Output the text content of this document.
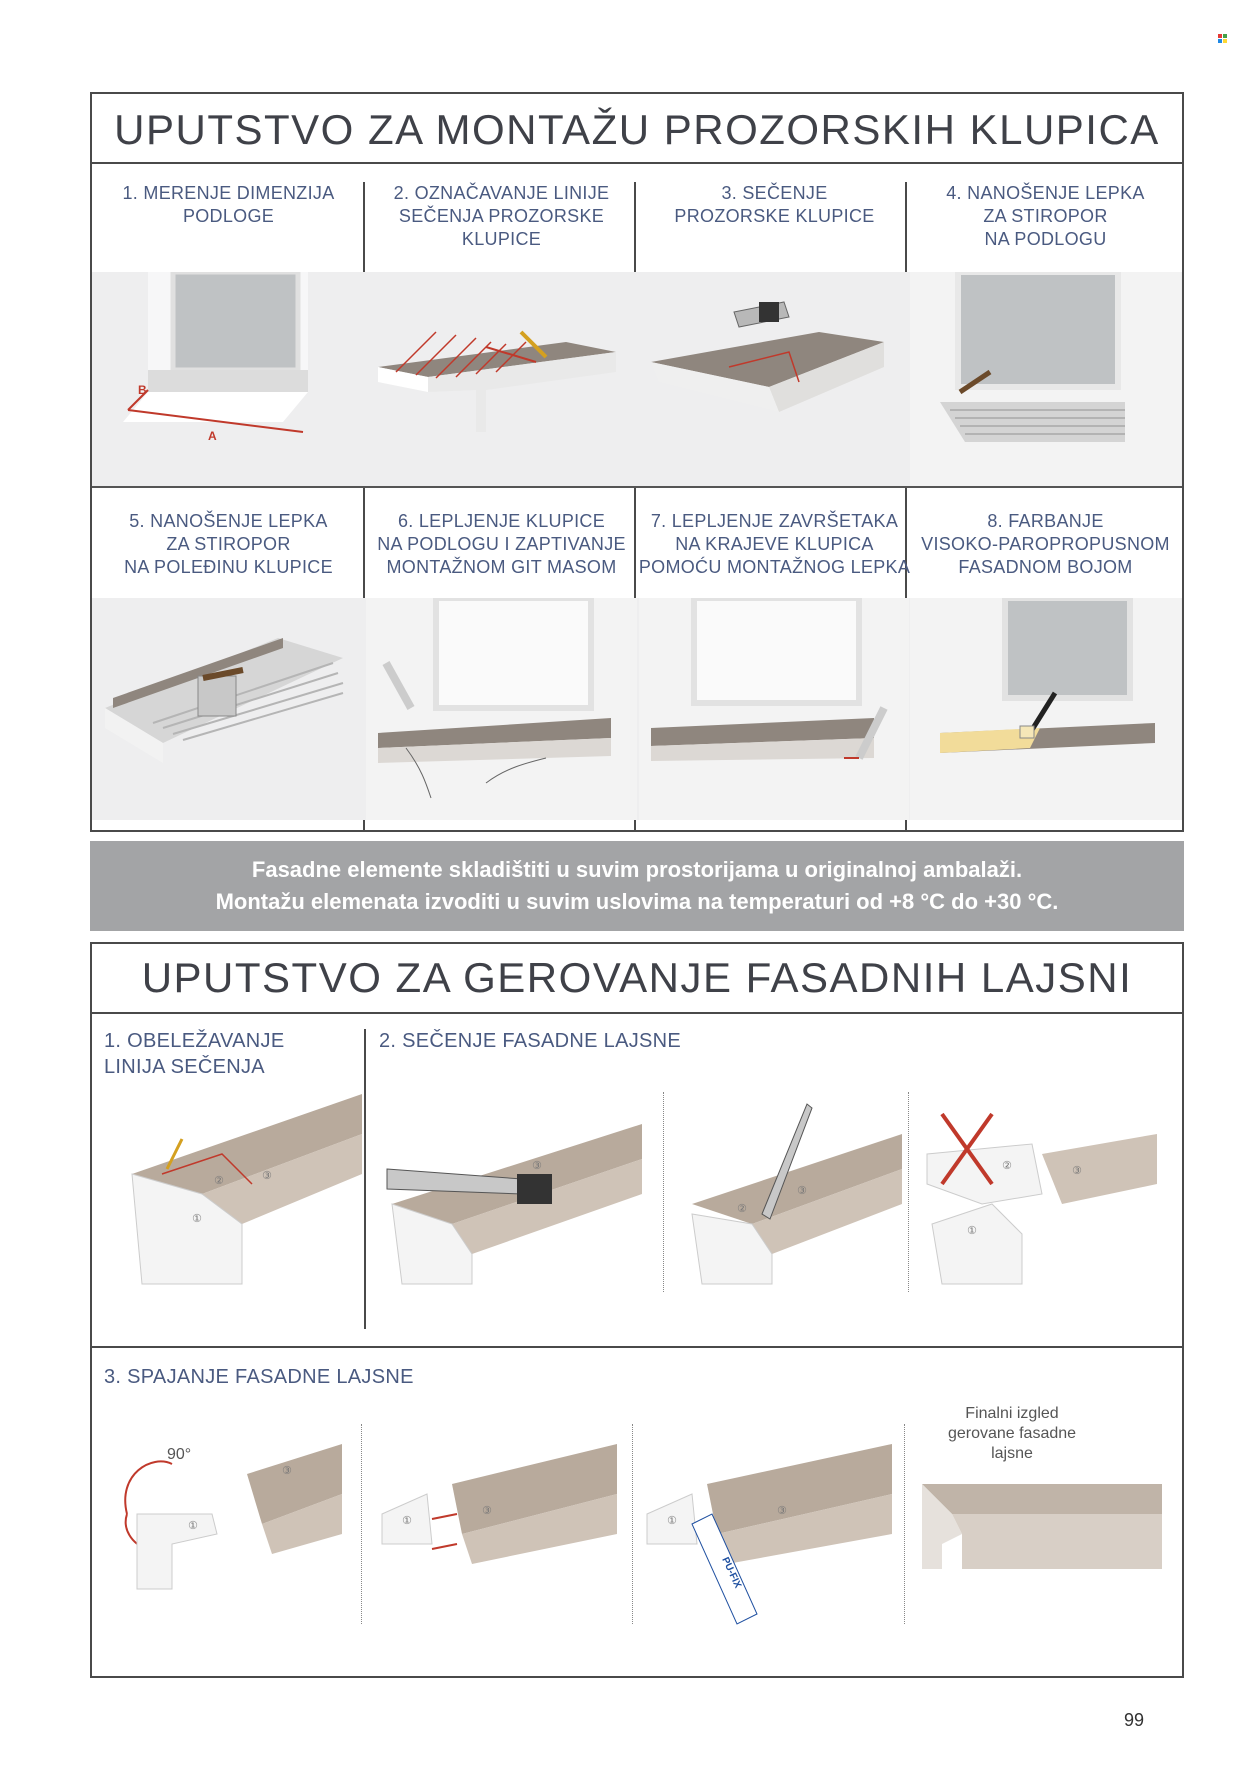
UPUTSTVO ZA MONTAŽU PROZORSKIH KLUPICA
1. MERENJE DIMENZIJA
PODLOGE
B
A
2. OZNAČAVANJE LINIJE
SEČENJA PROZORSKE
KLUPICE
3. SEČENJE
PROZORSKE KLUPICE
4. NANOŠENJE LEPKA
ZA STIROPOR
NA PODLOGU
5. NANOŠENJE LEPKA
ZA STIROPOR
NA POLEĐINU KLUPICE
6. LEPLJENJE KLUPICE
NA PODLOGU I ZAPTIVANJE
MONTAŽNOM GIT MASOM
7. LEPLJENJE ZAVRŠETAKA
NA KRAJEVE KLUPICA
POMOĆU MONTAŽNOG LEPKA
8. FARBANJE
VISOKO-PAROPROPUSNOM
FASADNOM BOJOM
Fasadne elemente skladištiti u suvim prostorijama u originalnoj ambalaži.
Montažu elemenata izvoditi u suvim uslovima na temperaturi od +8 °C do +30 °C.
UPUTSTVO ZA GEROVANJE FASADNIH LAJSNI
1. OBELEŽAVANJE
LINIJA SEČENJA
2. SEČENJE FASADNE LAJSNE
3. SPAJANJE FASADNE LAJSNE
Finalni izgled
gerovane fasadne lajsne
②	③
①
③
②
③
②
①
③
90°
①
③
①
③
PU-FIX
①
③
99
